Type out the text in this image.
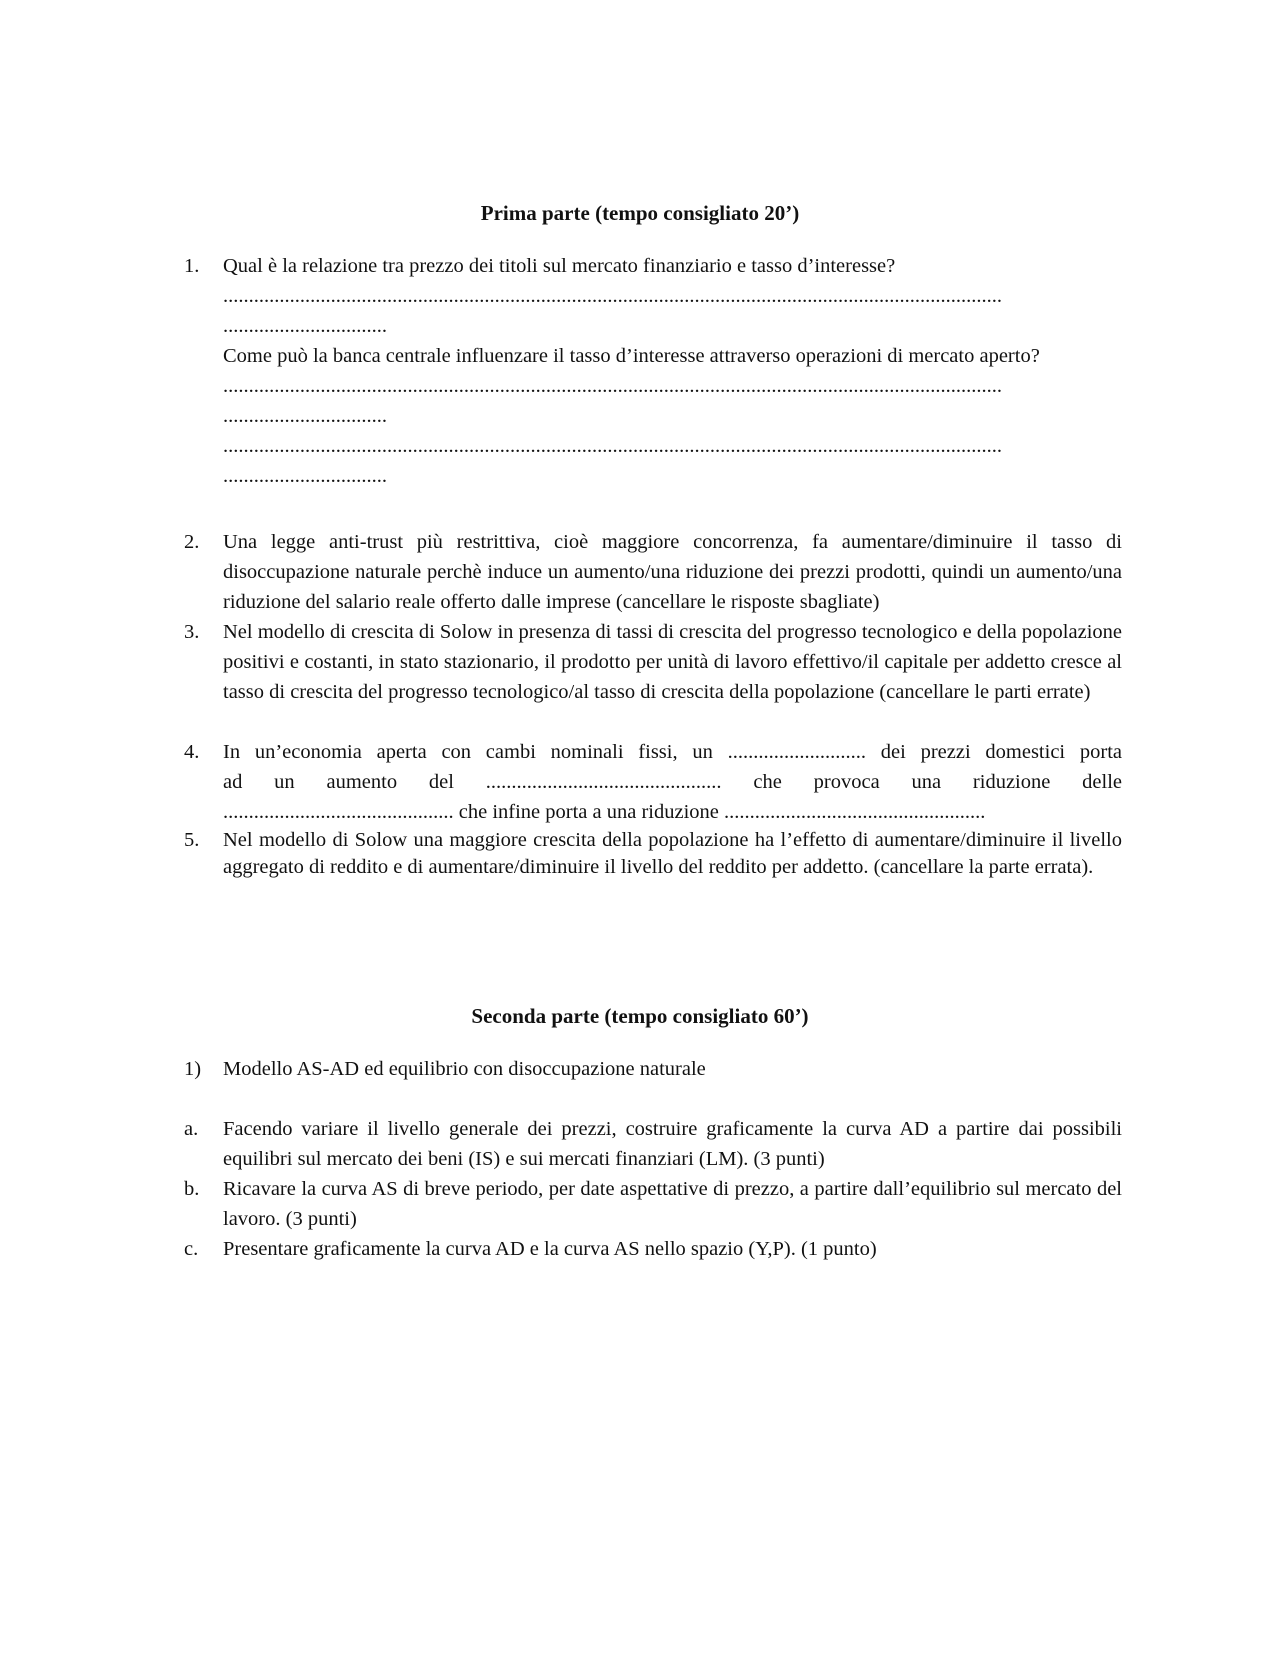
Prima parte (tempo consigliato 20’)
1.	Qual è la relazione tra prezzo dei titoli sul mercato finanziario e tasso d’interesse?
........................................................................................................................................................
................................
Come può la banca centrale influenzare il tasso d’interesse attraverso operazioni di mercato aperto?
........................................................................................................................................................
................................
........................................................................................................................................................
................................
2.	Una legge anti-trust più restrittiva, cioè maggiore concorrenza, fa aumentare/diminuire il tasso di disoccupazione naturale perchè induce un aumento/una riduzione dei prezzi prodotti, quindi un aumento/una riduzione del salario reale offerto dalle imprese (cancellare le risposte sbagliate)
3.	Nel modello di crescita di Solow in presenza di tassi di crescita del progresso tecnologico e della popolazione positivi e costanti, in stato stazionario, il prodotto per unità di lavoro effettivo/il capitale per addetto cresce al tasso di crescita del progresso tecnologico/al tasso di crescita della popolazione (cancellare le parti errate)
4.	In un’economia aperta con cambi nominali fissi, un ........................... dei prezzi domestici porta
ad un aumento del .............................................. che provoca una riduzione delle
............................................. che infine porta a una riduzione ...................................................
5.	Nel modello di Solow una maggiore crescita della popolazione ha l’effetto di aumentare/diminuire il livello aggregato di reddito e di aumentare/diminuire il livello del reddito per addetto. (cancellare la parte errata).
Seconda parte (tempo consigliato 60’)
1)	Modello AS-AD ed equilibrio con disoccupazione naturale
a.	Facendo variare il livello generale dei prezzi, costruire graficamente la curva AD a partire dai possibili equilibri sul mercato dei beni (IS) e sui mercati finanziari (LM). (3 punti)
b.	Ricavare la curva AS di breve periodo, per date aspettative di prezzo, a partire dall’equilibrio sul mercato del lavoro. (3 punti)
c.	Presentare graficamente la curva AD e la curva AS nello spazio (Y,P). (1 punto)
